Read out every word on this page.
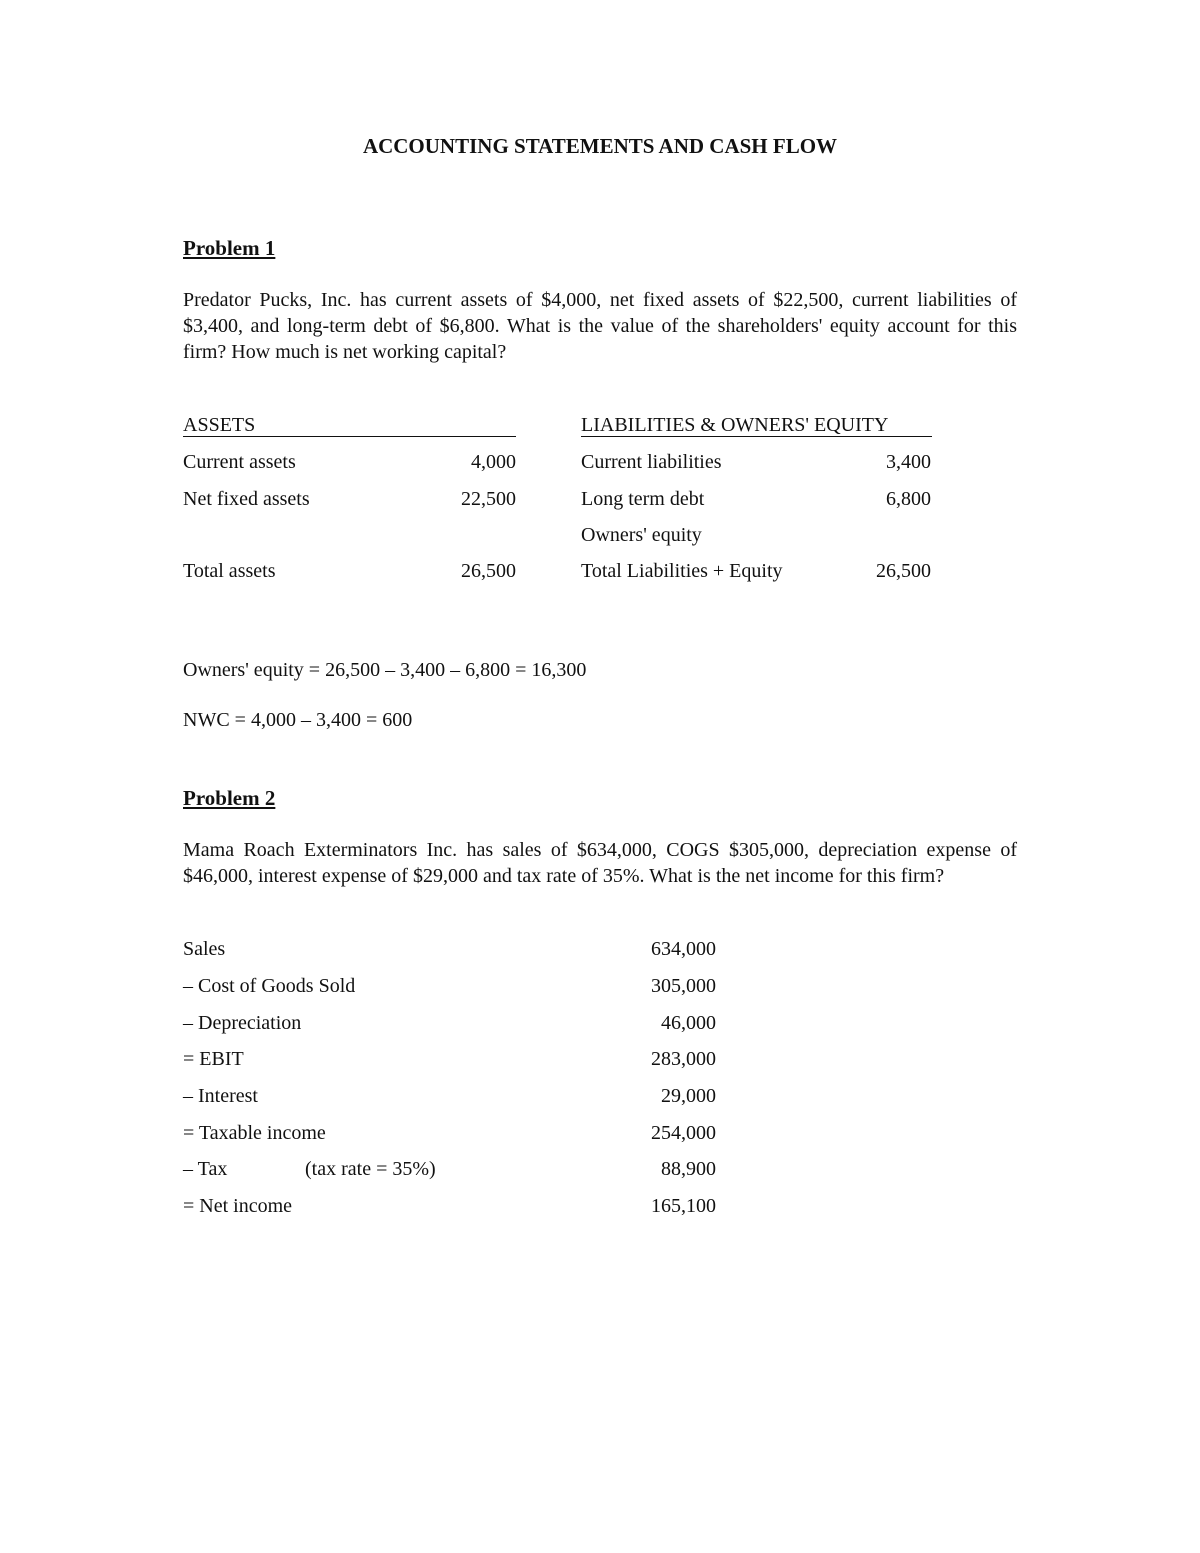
ACCOUNTING STATEMENTS AND CASH FLOW
Problem 1
Predator Pucks, Inc. has current assets of $4,000, net fixed assets of $22,500, current liabilities of $3,400, and long-term debt of $6,800. What is the value of the shareholders' equity account for this firm? How much is net working capital?
ASSETS
Current assets	4,000
Net fixed assets	22,500
Total assets	26,500
LIABILITIES & OWNERS' EQUITY
Current liabilities	3,400
Long term debt	6,800
Owners' equity
Total Liabilities + Equity	26,500
Owners' equity = 26,500 – 3,400 – 6,800 = 16,300
NWC = 4,000 – 3,400 = 600
Problem 2
Mama Roach Exterminators Inc. has sales of $634,000, COGS $305,000, depreciation expense of $46,000, interest expense of $29,000 and tax rate of 35%. What is the net income for this firm?
Sales	634,000
– Cost of Goods Sold	305,000
– Depreciation	46,000
= EBIT	283,000
– Interest	29,000
= Taxable income	254,000
– Tax	(tax rate = 35%)	88,900
= Net income	165,100
